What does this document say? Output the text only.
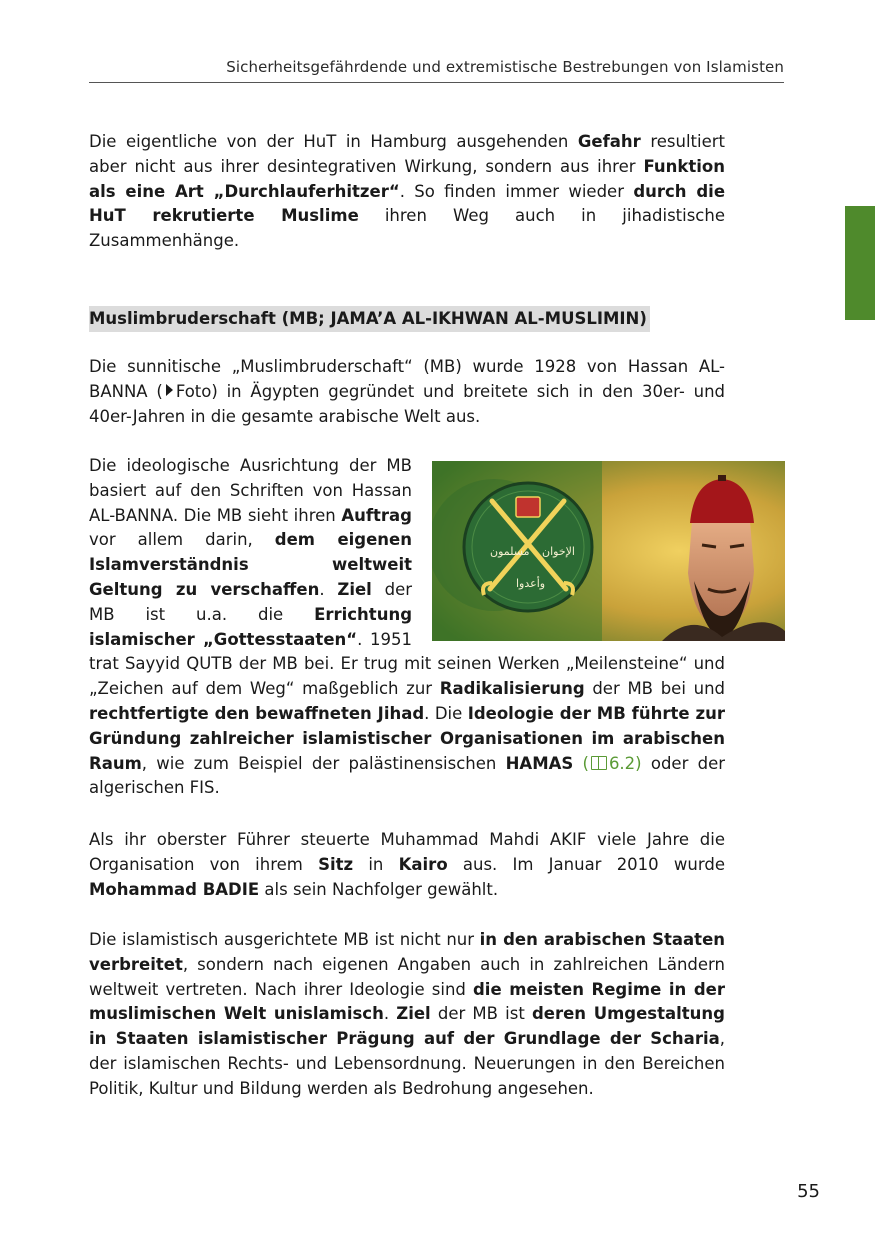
Sicherheitsgefährdende und extremistische Bestrebungen von Islamisten

Die eigentliche von der HuT in Hamburg ausgehenden Gefahr resultiert aber nicht aus ihrer desintegrativen Wirkung, sondern aus ihrer Funktion als eine Art „Durchlauferhitzer“. So finden immer wieder durch die HuT rekrutierte Muslime ihren Weg auch in jihadistische Zusammenhänge.

Muslimbruderschaft (MB; JAMA’A AL-IKHWAN AL-MUSLIMIN)

Die sunnitische „Muslimbruderschaft“ (MB) wurde 1928 von Hassan AL-BANNA ( Foto) in Ägypten gegründet und breitete sich in den 30er- und 40er-Jahren in die gesamte arabische Welt aus.

مسلمون الإخوان
وأعدوا

Die ideologische Ausrichtung der MB basiert auf den Schriften von Hassan AL-BANNA. Die MB sieht ihren Auftrag vor allem darin, dem eigenen Islamverständnis weltweit Geltung zu verschaffen. Ziel der MB ist u.a. die Errichtung islamischer „Gottesstaaten“. 1951 trat Sayyid QUTB der MB bei. Er trug mit seinen Werken „Meilensteine“ und „Zeichen auf dem Weg“ maßgeblich zur Radikalisierung der MB bei und rechtfertigte den bewaffneten Jihad. Die Ideologie der MB führte zur Gründung zahlreicher islamistischer Organisationen im arabischen Raum, wie zum Beispiel der palästinensischen HAMAS ( 6.2) oder der algerischen FIS.

Als ihr oberster Führer steuerte Muhammad Mahdi AKIF viele Jahre die Organisation von ihrem Sitz in Kairo aus. Im Januar 2010 wurde Mohammad BADIE als sein Nachfolger gewählt.

Die islamistisch ausgerichtete MB ist nicht nur in den arabischen Staaten verbreitet, sondern nach eigenen Angaben auch in zahlreichen Ländern weltweit vertreten. Nach ihrer Ideologie sind die meisten Regime in der muslimischen Welt unislamisch. Ziel der MB ist deren Umgestaltung in Staaten islamistischer Prägung auf der Grundlage der Scharia, der islamischen Rechts- und Lebensordnung. Neuerungen in den Bereichen Politik, Kultur und Bildung werden als Bedrohung angesehen.

55
